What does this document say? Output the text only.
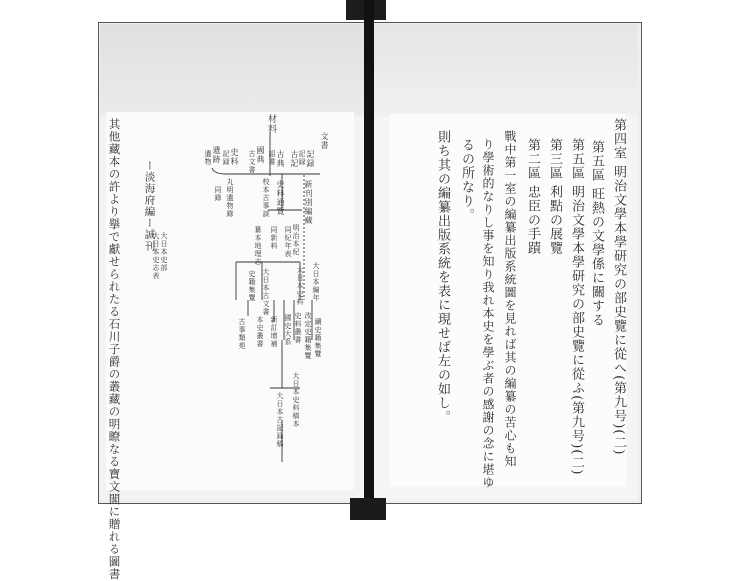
第四室 明治文學本學研究の部史覽に從へ(第九号)(二)
第五區 旺熱の文學係に關する
第五區 明治文學本學研究の部史覽に從ふ(第九号)(二)
第三區 利點の展覽
第二區 忠臣の手蹟
戰中第一室の編纂出版系統圖を見れば其の編纂の苦心も知
り學術的なりし事を知り我れ本史を學ぶ者の感謝の念に堪ゆ
るの所なり。
則ち其の編纂出版系統を表に現せば左の如し。
其他藏本の許より擧で獻せられたる石川子爵の叢藏の明瞭なる寶文閣に贈れる圖書 ー淡海府編ー誠刊 大日本史部
大日本史志表
材料
文書
記録
古記
古典
國典
史料
遺跡	記録
詔書
古文書
記録
遺物
新刊別編藏
史料通覽
校本古事談
丸明遺物錄
同錄
明治本紀
同紀年表
同新料
纂本地理志
大日本編年
大日本史料
大日本古文書
史籍集覽
續史籍集覽
改定史籍集覽
史料叢書
國史大系
新訂增補
本史叢書
古事類苑
大日本史料稿本
大日本古記録稿
